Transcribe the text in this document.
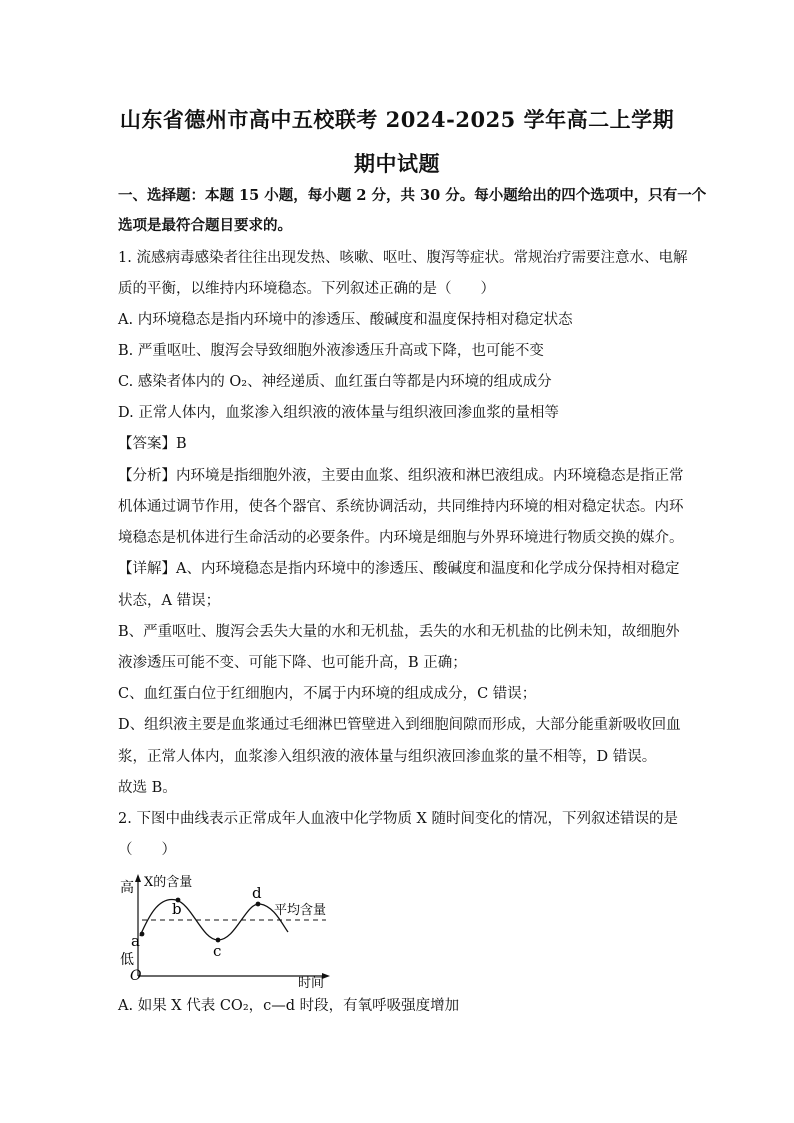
山东省德州市高中五校联考 2024-2025 学年高二上学期
期中试题
一、选择题：本题 15 小题，每小题 2 分，共 30 分。每小题给出的四个选项中，只有一个
选项是最符合题目要求的。
1. 流感病毒感染者往往出现发热、咳嗽、呕吐、腹泻等症状。常规治疗需要注意水、电解
质的平衡，以维持内环境稳态。下列叙述正确的是（　　）
A. 内环境稳态是指内环境中的渗透压、酸碱度和温度保持相对稳定状态
B. 严重呕吐、腹泻会导致细胞外液渗透压升高或下降，也可能不变
C. 感染者体内的 O₂、神经递质、血红蛋白等都是内环境的组成成分
D. 正常人体内，血浆渗入组织液的液体量与组织液回渗血浆的量相等
【答案】B
【分析】内环境是指细胞外液，主要由血浆、组织液和淋巴液组成。内环境稳态是指正常
机体通过调节作用，使各个器官、系统协调活动，共同维持内环境的相对稳定状态。内环
境稳态是机体进行生命活动的必要条件。内环境是细胞与外界环境进行物质交换的媒介。
【详解】A、内环境稳态是指内环境中的渗透压、酸碱度和温度和化学成分保持相对稳定
状态，A 错误；
B、严重呕吐、腹泻会丢失大量的水和无机盐，丢失的水和无机盐的比例未知，故细胞外
液渗透压可能不变、可能下降、也可能升高，B 正确；
C、血红蛋白位于红细胞内，不属于内环境的组成成分，C 错误；
D、组织液主要是血浆通过毛细淋巴管壁进入到细胞间隙而形成，大部分能重新吸收回血
浆，正常人体内，血浆渗入组织液的液体量与组织液回渗血浆的量不相等，D 错误。
故选 B。
2. 下图中曲线表示正常成年人血液中化学物质 X 随时间变化的情况，下列叙述错误的是
（　　）
高 X的含量
低
O	时间
平均含量
a
b
c
d
A. 如果 X 代表 CO₂，c—d 时段，有氧呼吸强度增加
